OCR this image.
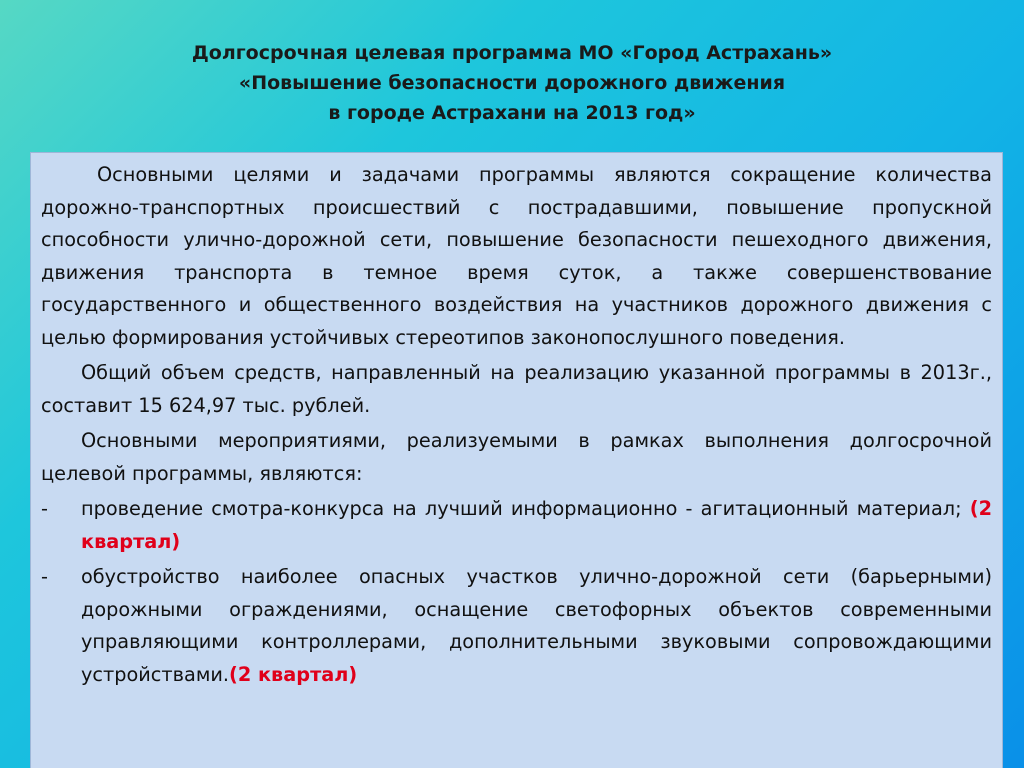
Долгосрочная целевая программа МО «Город Астрахань»
«Повышение безопасности дорожного движения
в городе Астрахани на 2013 год»

Основными целями и задачами программы являются сокращение количества дорожно-транспортных происшествий с пострадавшими, повышение пропускной способности улично-дорожной сети, повышение безопасности пешеходного движения, движения транспорта в темное время суток, а также совершенствование государственного и общественного воздействия на участников дорожного движения с целью формирования устойчивых стереотипов законопослушного поведения.

Общий объем средств, направленный на реализацию указанной программы в 2013г., составит 15 624,97 тыс. рублей.

Основными мероприятиями, реализуемыми в рамках выполнения долгосрочной целевой программы, являются:

-	проведение смотра-конкурса на лучший информационно - агитационный материал; (2 квартал)
-	обустройство наиболее опасных участков улично-дорожной сети (барьерными) дорожными ограждениями, оснащение светофорных объектов современными управляющими контроллерами, дополнительными звуковыми сопровождающими устройствами.(2 квартал)
